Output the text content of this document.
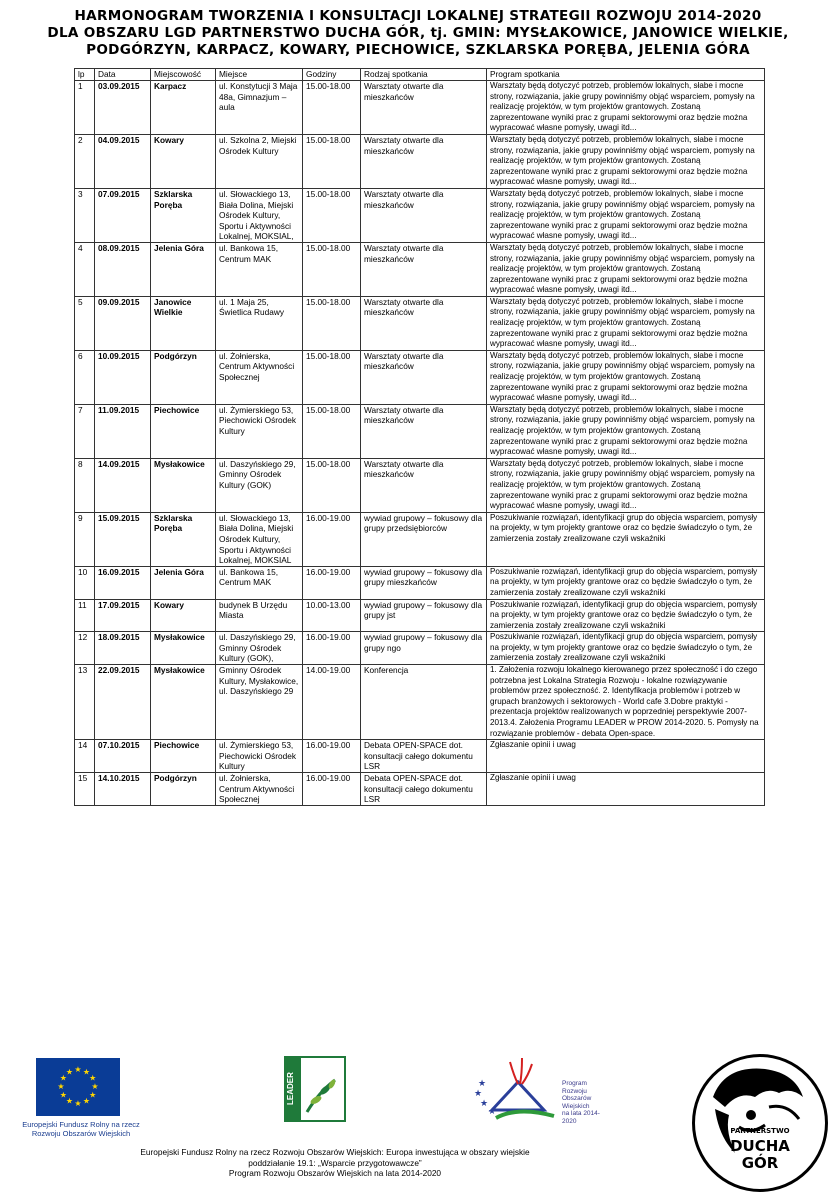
HARMONOGRAM TWORZENIA I KONSULTACJI LOKALNEJ STRATEGII ROZWOJU 2014-2020
DLA OBSZARU LGD PARTNERSTWO DUCHA GÓR, tj. GMIN: MYSŁAKOWICE, JANOWICE WIELKIE,
PODGÓRZYN, KARPACZ, KOWARY, PIECHOWICE, SZKLARSKA PORĘBA, JELENIA GÓRA
lp	Data	Miejscowość	Miejsce	Godziny	Rodzaj spotkania	Program spotkania
1	03.09.2015	Karpacz	ul. Konstytucji 3 Maja 48a, Gimnazjum – aula	15.00-18.00	Warsztaty otwarte dla mieszkańców	Warsztaty będą dotyczyć potrzeb, problemów lokalnych, słabe i mocne strony, rozwiązania, jakie grupy powinniśmy objąć wsparciem, pomysły na realizację projektów, w tym projektów grantowych. Zostaną zaprezentowane wyniki prac z grupami sektorowymi oraz będzie można wypracować własne pomysły, uwagi itd...
2	04.09.2015	Kowary	ul. Szkolna 2, Miejski Ośrodek Kultury	15.00-18.00	Warsztaty otwarte dla mieszkańców	Warsztaty będą dotyczyć potrzeb, problemów lokalnych, słabe i mocne strony, rozwiązania, jakie grupy powinniśmy objąć wsparciem, pomysły na realizację projektów, w tym projektów grantowych. Zostaną zaprezentowane wyniki prac z grupami sektorowymi oraz będzie można wypracować własne pomysły, uwagi itd...
3	07.09.2015	Szklarska Poręba	ul. Słowackiego 13, Biała Dolina, Miejski Ośrodek Kultury, Sportu i Aktywności Lokalnej, MOKSIAL,	15.00-18.00	Warsztaty otwarte dla mieszkańców	Warsztaty będą dotyczyć potrzeb, problemów lokalnych, słabe i mocne strony, rozwiązania, jakie grupy powinniśmy objąć wsparciem, pomysły na realizację projektów, w tym projektów grantowych. Zostaną zaprezentowane wyniki prac z grupami sektorowymi oraz będzie można wypracować własne pomysły, uwagi itd...
4	08.09.2015	Jelenia Góra	ul. Bankowa 15, Centrum MAK	15.00-18.00	Warsztaty otwarte dla mieszkańców	Warsztaty będą dotyczyć potrzeb, problemów lokalnych, słabe i mocne strony, rozwiązania, jakie grupy powinniśmy objąć wsparciem, pomysły na realizację projektów, w tym projektów grantowych. Zostaną zaprezentowane wyniki prac z grupami sektorowymi oraz będzie można wypracować własne pomysły, uwagi itd...
5	09.09.2015	Janowice Wielkie	ul. 1 Maja 25, Świetlica Rudawy	15.00-18.00	Warsztaty otwarte dla mieszkańców	Warsztaty będą dotyczyć potrzeb, problemów lokalnych, słabe i mocne strony, rozwiązania, jakie grupy powinniśmy objąć wsparciem, pomysły na realizację projektów, w tym projektów grantowych. Zostaną zaprezentowane wyniki prac z grupami sektorowymi oraz będzie można wypracować własne pomysły, uwagi itd...
6	10.09.2015	Podgórzyn	ul. Żołnierska, Centrum Aktywności Społecznej	15.00-18.00	Warsztaty otwarte dla mieszkańców	Warsztaty będą dotyczyć potrzeb, problemów lokalnych, słabe i mocne strony, rozwiązania, jakie grupy powinniśmy objąć wsparciem, pomysły na realizację projektów, w tym projektów grantowych. Zostaną zaprezentowane wyniki prac z grupami sektorowymi oraz będzie można wypracować własne pomysły, uwagi itd...
7	11.09.2015	Piechowice	ul. Żymierskiego 53, Piechowicki Ośrodek Kultury	15.00-18.00	Warsztaty otwarte dla mieszkańców	Warsztaty będą dotyczyć potrzeb, problemów lokalnych, słabe i mocne strony, rozwiązania, jakie grupy powinniśmy objąć wsparciem, pomysły na realizację projektów, w tym projektów grantowych. Zostaną zaprezentowane wyniki prac z grupami sektorowymi oraz będzie można wypracować własne pomysły, uwagi itd...
8	14.09.2015	Mysłakowice	ul. Daszyńskiego 29, Gminny Ośrodek Kultury (GOK)	15.00-18.00	Warsztaty otwarte dla mieszkańców	Warsztaty będą dotyczyć potrzeb, problemów lokalnych, słabe i mocne strony, rozwiązania, jakie grupy powinniśmy objąć wsparciem, pomysły na realizację projektów, w tym projektów grantowych. Zostaną zaprezentowane wyniki prac z grupami sektorowymi oraz będzie można wypracować własne pomysły, uwagi itd...
9	15.09.2015	Szklarska Poręba	ul. Słowackiego 13, Biała Dolina, Miejski Ośrodek Kultury, Sportu i Aktywności Lokalnej, MOKSIAL	16.00-19.00	wywiad grupowy – fokusowy dla grupy przedsiębiorców	Poszukiwanie rozwiązań, identyfikacji grup do objęcia wsparciem, pomysły na projekty, w tym projekty grantowe oraz co będzie świadczyło o tym, że zamierzenia zostały zrealizowane czyli wskaźniki
10	16.09.2015	Jelenia Góra	ul. Bankowa 15, Centrum MAK	16.00-19.00	wywiad grupowy – fokusowy dla grupy mieszkańców	Poszukiwanie rozwiązań, identyfikacji grup do objęcia wsparciem, pomysły na projekty, w tym projekty grantowe oraz co będzie świadczyło o tym, że zamierzenia zostały zrealizowane czyli wskaźniki
11	17.09.2015	Kowary	budynek B Urzędu Miasta	10.00-13.00	wywiad grupowy – fokusowy dla grupy jst	Poszukiwanie rozwiązań, identyfikacji grup do objęcia wsparciem, pomysły na projekty, w tym projekty grantowe oraz co będzie świadczyło o tym, że zamierzenia zostały zrealizowane czyli wskaźniki
12	18.09.2015	Mysłakowice	ul. Daszyńskiego 29, Gminny Ośrodek Kultury (GOK),	16.00-19.00	wywiad grupowy – fokusowy dla grupy ngo	Poszukiwanie rozwiązań, identyfikacji grup do objęcia wsparciem, pomysły na projekty, w tym projekty grantowe oraz co będzie świadczyło o tym, że zamierzenia zostały zrealizowane czyli wskaźniki
13	22.09.2015	Mysłakowice	Gminny Ośrodek Kultury, Mysłakowice, ul. Daszyńskiego 29	14.00-19.00	Konferencja	1. Założenia rozwoju lokalnego kierowanego przez społeczność i do czego potrzebna jest Lokalna Strategia Rozwoju - lokalne rozwiązywanie problemów przez społeczność. 2. Identyfikacja problemów i potrzeb w grupach branżowych i sektorowych - World cafe 3.Dobre praktyki - prezentacja projektów realizowanych w poprzedniej perspektywie 2007-2013.4. Założenia Programu LEADER w PROW 2014-2020. 5. Pomysły na rozwiązanie problemów - debata Open-space.
14	07.10.2015	Piechowice	ul. Żymierskiego 53, Piechowicki Ośrodek Kultury	16.00-19.00	Debata OPEN-SPACE dot. konsultacji całego dokumentu LSR	Zgłaszanie opinii i uwag
15	14.10.2015	Podgórzyn	ul. Żołnierska, Centrum Aktywności Społecznej	16.00-19.00	Debata OPEN-SPACE dot. konsultacji całego dokumentu LSR	Zgłaszanie opinii i uwag
★ ★
★
★
★
★
★
★
★
★
★
★
Europejski Fundusz Rolny na rzecz
Rozwoju Obszarów Wiejskich
LEADER	★
★
★
★	Program
Rozwoju
Obszarów
Wiejskich
na lata 2014-2020
PARTNERSTWO
DUCHA
GÓR
Europejski Fundusz Rolny na rzecz Rozwoju Obszarów Wiejskich: Europa inwestująca w obszary wiejskie
poddziałanie 19.1: „Wsparcie przygotowawcze”
Program Rozwoju Obszarów Wiejskich na lata 2014-2020
